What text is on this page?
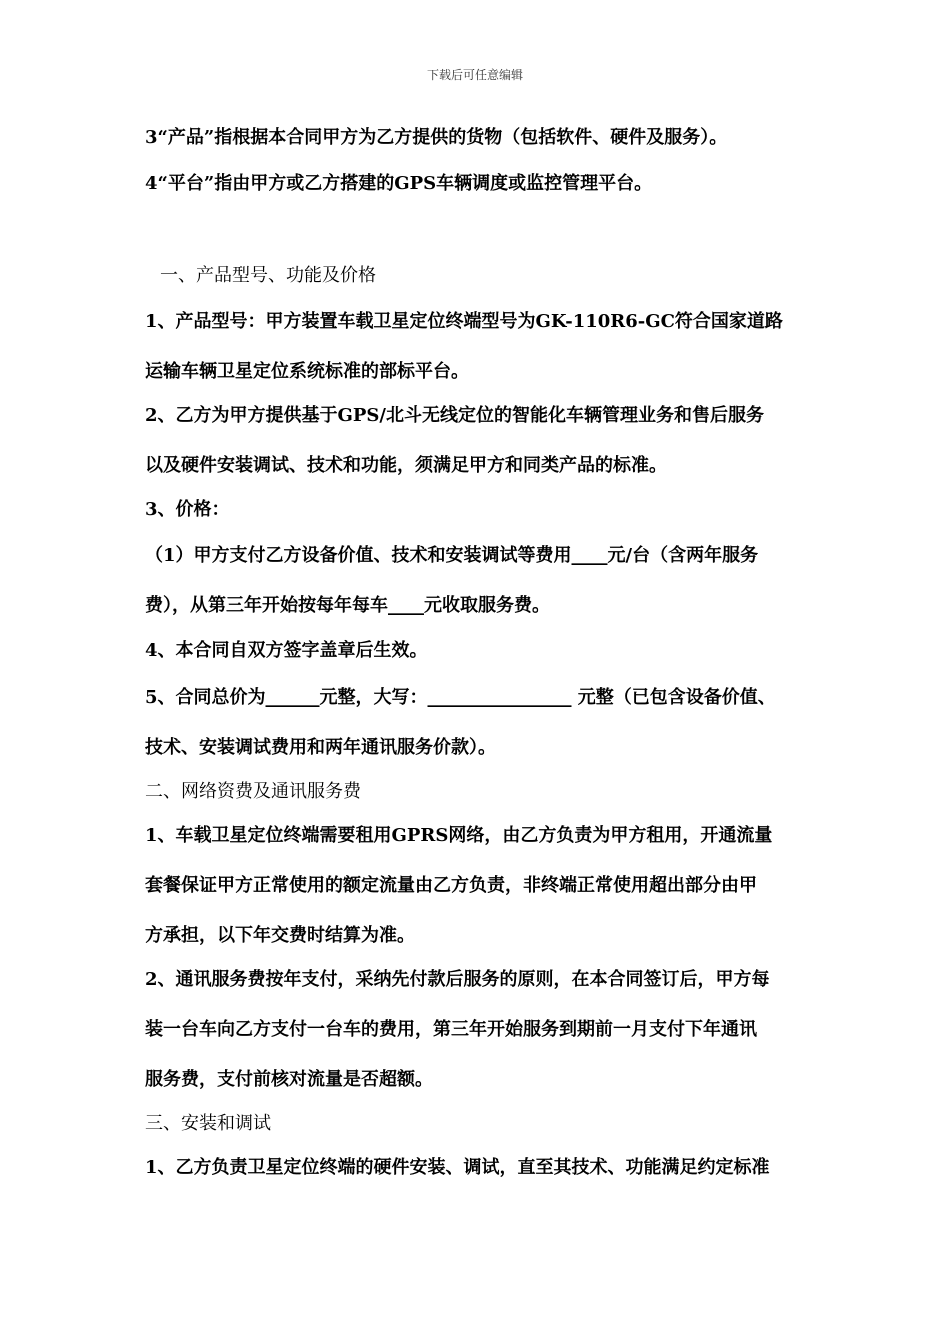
下载后可任意编辑
3“产品”指根据本合同甲方为乙方提供的货物（包括软件、硬件及服务）。
4“平台”指由甲方或乙方搭建的GPS车辆调度或监控管理平台。
一、产品型号、功能及价格
1、产品型号：甲方装置车载卫星定位终端型号为GK-110R6-GC符合国家道路
运输车辆卫星定位系统标准的部标平台。
2、乙方为甲方提供基于GPS/北斗无线定位的智能化车辆管理业务和售后服务
以及硬件安装调试、技术和功能，须满足甲方和同类产品的标准。
3、价格：
（1）甲方支付乙方设备价值、技术和安装调试等费用____元/台（含两年服务
费），从第三年开始按每年每车____元收取服务费。
4、本合同自双方签字盖章后生效。
5、合同总价为______元整，大写：________________ 元整（已包含设备价值、
技术、安装调试费用和两年通讯服务价款）。
二、网络资费及通讯服务费
1、车载卫星定位终端需要租用GPRS网络，由乙方负责为甲方租用，开通流量
套餐保证甲方正常使用的额定流量由乙方负责，非终端正常使用超出部分由甲
方承担，以下年交费时结算为准。
2、通讯服务费按年支付，采纳先付款后服务的原则，在本合同签订后，甲方每
装一台车向乙方支付一台车的费用，第三年开始服务到期前一月支付下年通讯
服务费，支付前核对流量是否超额。
三、安装和调试
1、乙方负责卫星定位终端的硬件安装、调试，直至其技术、功能满足约定标准
